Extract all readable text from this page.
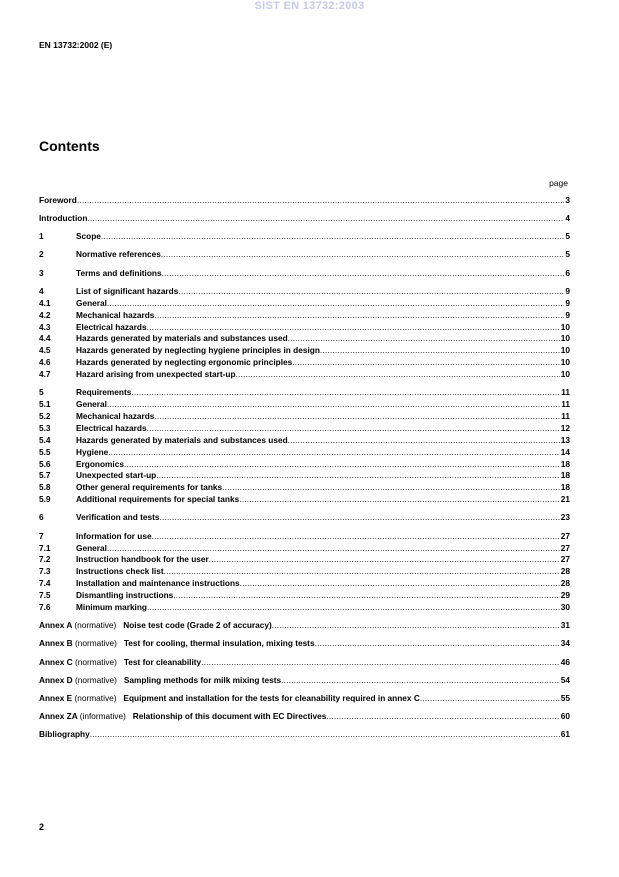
SIST EN 13732:2003
EN 13732:2002 (E)
Contents
page
Foreword .....	3
Introduction .....	4
1	Scope .....	5
2	Normative references .....	5
3	Terms and definitions .....	6
4	List of significant hazards .....	9
4.1	General .....	9
4.2	Mechanical hazards .....	9
4.3	Electrical hazards .....	10
4.4	Hazards generated by materials and substances used .....	10
4.5	Hazards generated by neglecting hygiene principles in design .....	10
4.6	Hazards generated by neglecting ergonomic principles .....	10
4.7	Hazard arising from unexpected start-up .....	10
5	Requirements .....	11
5.1	General .....	11
5.2	Mechanical hazards .....	11
5.3	Electrical hazards .....	12
5.4	Hazards generated by materials and substances used .....	13
5.5	Hygiene .....	14
5.6	Ergonomics .....	18
5.7	Unexpected start-up .....	18
5.8	Other general requirements for tanks .....	18
5.9	Additional requirements for special tanks .....	21
6	Verification and tests .....	23
7	Information for use .....	27
7.1	General .....	27
7.2	Instruction handbook for the user .....	27
7.3	Instructions check list .....	28
7.4	Installation and maintenance instructions .....	28
7.5	Dismantling instructions .....	29
7.6	Minimum marking .....	30
Annex A (normative) Noise test code (Grade 2 of accuracy) .....	31
Annex B (normative) Test for cooling, thermal insulation, mixing tests .....	34
Annex C (normative) Test for cleanability .....	46
Annex D (normative) Sampling methods for milk mixing tests .....	54
Annex E (normative) Equipment and installation for the tests for cleanability required in annex C .....	55
Annex ZA (informative) Relationship of this document with EC Directives .....	60
Bibliography .....	61
2
